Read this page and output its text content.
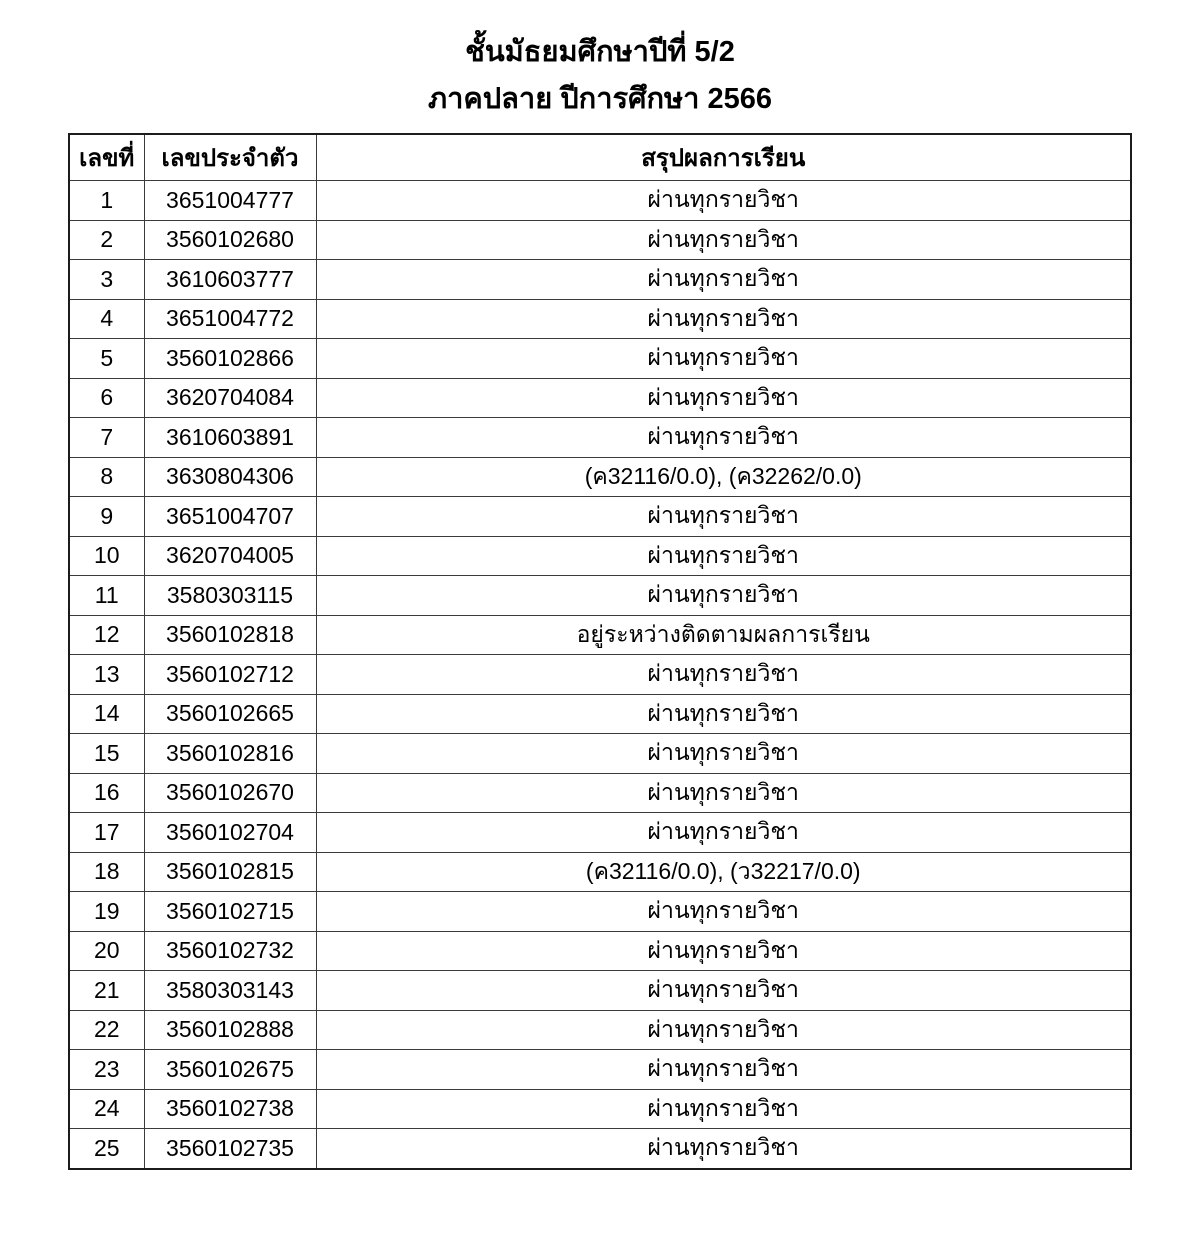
ชั้นมัธยมศึกษาปีที่ 5/2
ภาคปลาย ปีการศึกษา 2566
เลขที่	เลขประจำตัว	สรุปผลการเรียน
1	3651004777	ผ่านทุกรายวิชา
2	3560102680	ผ่านทุกรายวิชา
3	3610603777	ผ่านทุกรายวิชา
4	3651004772	ผ่านทุกรายวิชา
5	3560102866	ผ่านทุกรายวิชา
6	3620704084	ผ่านทุกรายวิชา
7	3610603891	ผ่านทุกรายวิชา
8	3630804306	(ค32116/0.0), (ค32262/0.0)
9	3651004707	ผ่านทุกรายวิชา
10	3620704005	ผ่านทุกรายวิชา
11	3580303115	ผ่านทุกรายวิชา
12	3560102818	อยู่ระหว่างติดตามผลการเรียน
13	3560102712	ผ่านทุกรายวิชา
14	3560102665	ผ่านทุกรายวิชา
15	3560102816	ผ่านทุกรายวิชา
16	3560102670	ผ่านทุกรายวิชา
17	3560102704	ผ่านทุกรายวิชา
18	3560102815	(ค32116/0.0), (ว32217/0.0)
19	3560102715	ผ่านทุกรายวิชา
20	3560102732	ผ่านทุกรายวิชา
21	3580303143	ผ่านทุกรายวิชา
22	3560102888	ผ่านทุกรายวิชา
23	3560102675	ผ่านทุกรายวิชา
24	3560102738	ผ่านทุกรายวิชา
25	3560102735	ผ่านทุกรายวิชา
